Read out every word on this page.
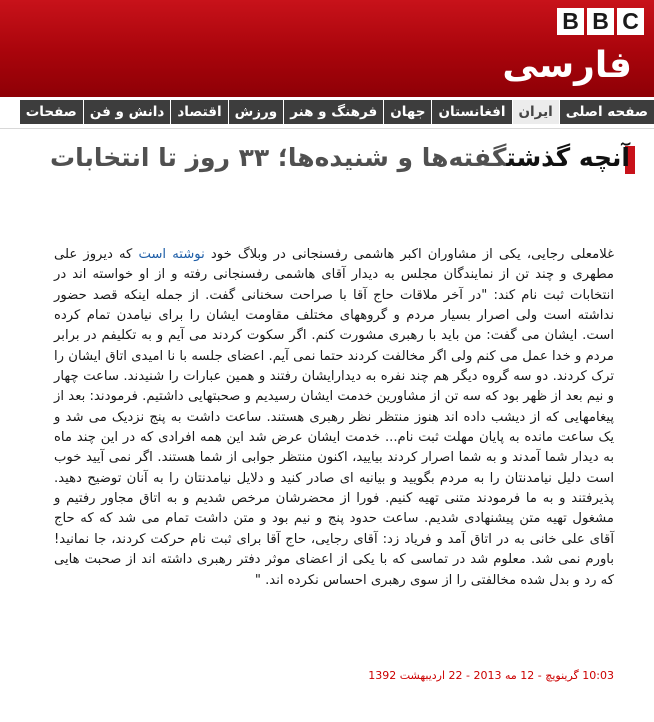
B B C
فارسی
صفحه اصلی
ایران
افغانستان
جهان
فرهنگ و هنر
ورزش
اقتصاد
دانش و فن
صفحات
آنچه گذشتگفته‌ها و شنیده‌ها؛ ۳۳ روز تا انتخابات

غلامعلی رجایی، یکی از مشاوران اکبر هاشمی رفسنجانی در وبلاگ خود نوشته است که دیروز علی مطهری و چند تن از نمایندگان مجلس به دیدار آقای هاشمی رفسنجانی رفته و از او خواسته اند در انتخابات ثبت نام کند: "در آخر ملاقات حاج آقا با صراحت سخنانی گفت. از جمله اینکه قصد حضور نداشته است ولی اصرار بسیار مردم و گروههای مختلف مقاومت ایشان را برای نیامدن تمام کرده است. ایشان می گفت: من باید با رهبری مشورت کنم. اگر سکوت کردند می آیم و به تکلیفم در برابر مردم و خدا عمل می کنم ولی اگر مخالفت کردند حتما نمی آیم. اعضای جلسه با نا امیدی اتاق ایشان را ترک کردند. دو سه گروه دیگر هم چند نفره به دیدارایشان رفتند و همین عبارات را شنیدند. ساعت چهار و نیم بعد از ظهر بود که سه تن از مشاورین خدمت ایشان رسیدیم و صحبتهایی داشتیم. فرمودند: بعد از پیغامهایی که از دیشب داده اند هنوز منتظر نظر رهبری هستند. ساعت داشت به پنج نزدیک می شد و یک ساعت مانده به پایان مهلت ثبت نام... خدمت ایشان عرض شد این همه افرادی که در این چند ماه به دیدار شما آمدند و به شما اصرار کردند بیایید، اکنون منتظر جوابی از شما هستند. اگر نمی آیید خوب است دلیل نیامدنتان را به مردم بگویید و بیانیه ای صادر کنید و دلایل نیامدنتان را به آنان توضیح دهید. پذیرفتند و به ما فرمودند متنی تهیه کنیم. فورا از محضرشان مرخص شدیم و به اتاق مجاور رفتیم و مشغول تهیه متن پیشنهادی شدیم. ساعت حدود پنج و نیم بود و متن داشت تمام می شد که که حاج آقای علی خانی به در اتاق آمد و فریاد زد: آقای رجایی، حاج آقا برای ثبت نام حرکت کردند، جا نمانید! باورم نمی شد. معلوم شد در تماسی که با یکی از اعضای موثر دفتر رهبری داشته اند از صحبت هایی که رد و بدل شده مخالفتی را از سوی رهبری احساس نکرده اند. "

10:03 گرینویچ - 12 مه 2013 - 22 اردیبهشت 1392
